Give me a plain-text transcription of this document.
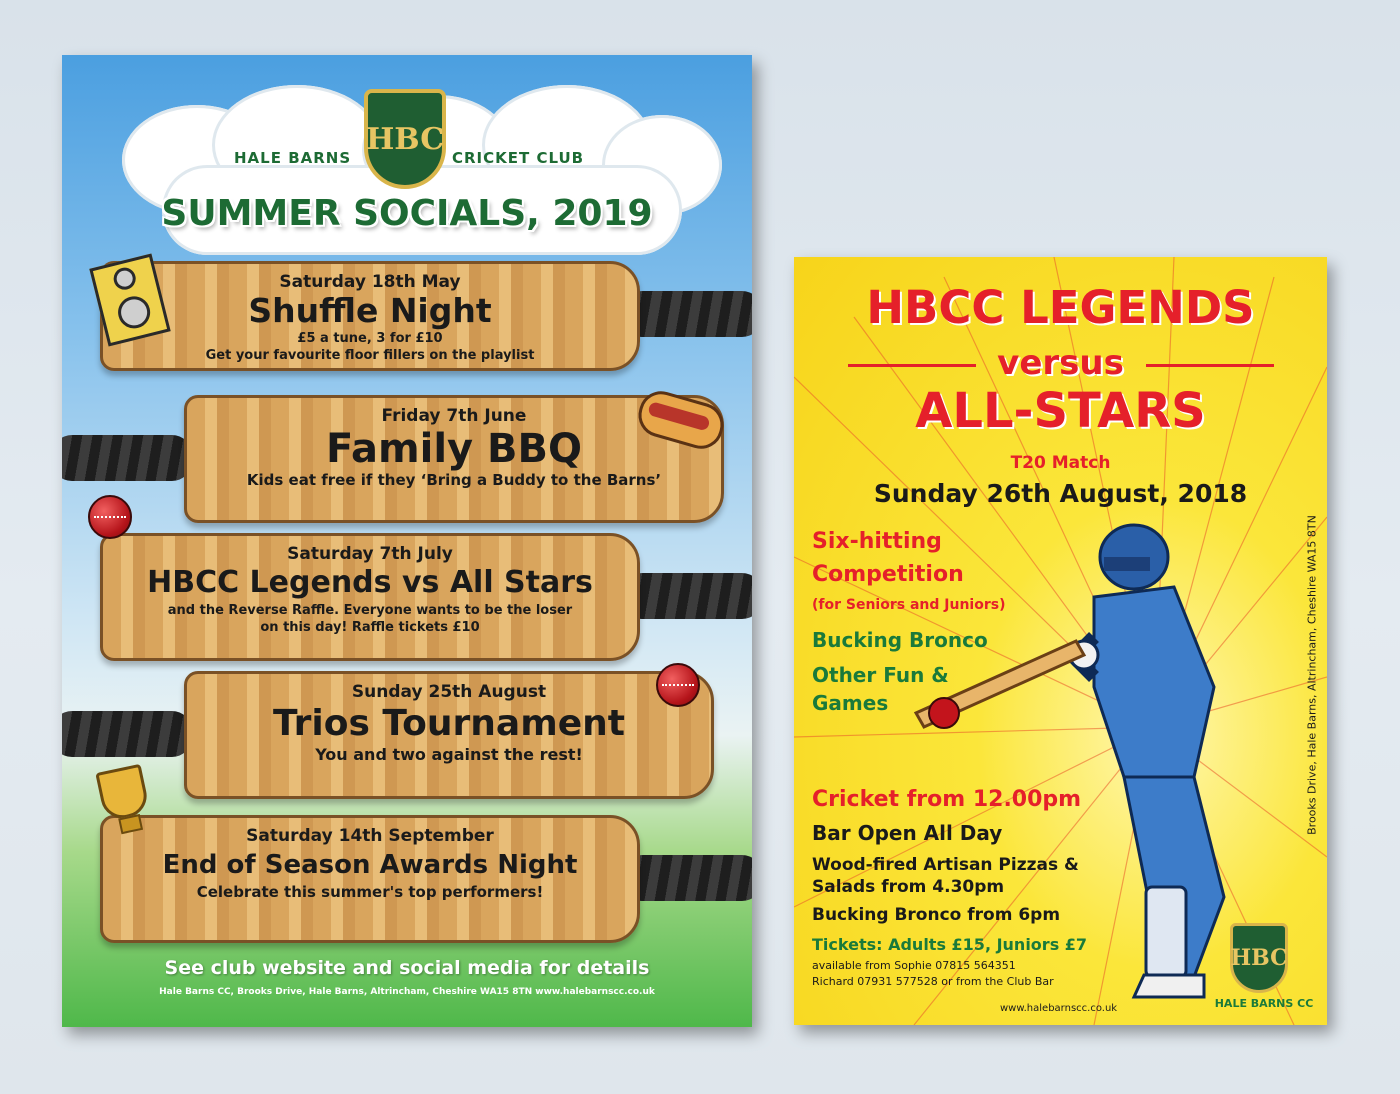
HALE BARNS	CRICKET CLUB
HBC
SUMMER SOCIALS, 2019
Saturday 18th May
Shuffle Night
£5 a tune, 3 for £10
Get your favourite floor fillers on the playlist
Friday 7th June
Family BBQ
Kids eat free if they ‘Bring a Buddy to the Barns’
Saturday 7th July
HBCC Legends vs All Stars
and the Reverse Raffle. Everyone wants to be the loser
on this day! Raffle tickets £10
Sunday 25th August
Trios Tournament
You and two against the rest!
Saturday 14th September
End of Season Awards Night
Celebrate this summer's top performers!
See club website and social media for details
Hale Barns CC, Brooks Drive, Hale Barns, Altrincham, Cheshire WA15 8TN www.halebarnscc.co.uk
HBCC LEGENDS
versus
ALL-STARS
T20 Match
Sunday 26th August, 2018
Six-hitting
Competition
(for Seniors and Juniors)
Bucking Bronco
Other Fun &
Games
Cricket from 12.00pm
Bar Open All Day
Wood-fired Artisan Pizzas &
Salads from 4.30pm
Bucking Bronco from 6pm
Tickets: Adults £15, Juniors £7
available from Sophie 07815 564351
Richard 07931 577528 or from the Club Bar
Brooks Drive, Hale Barns, Altrincham, Cheshire WA15 8TN
HBC
HALE BARNS CC
www.halebarnscc.co.uk
